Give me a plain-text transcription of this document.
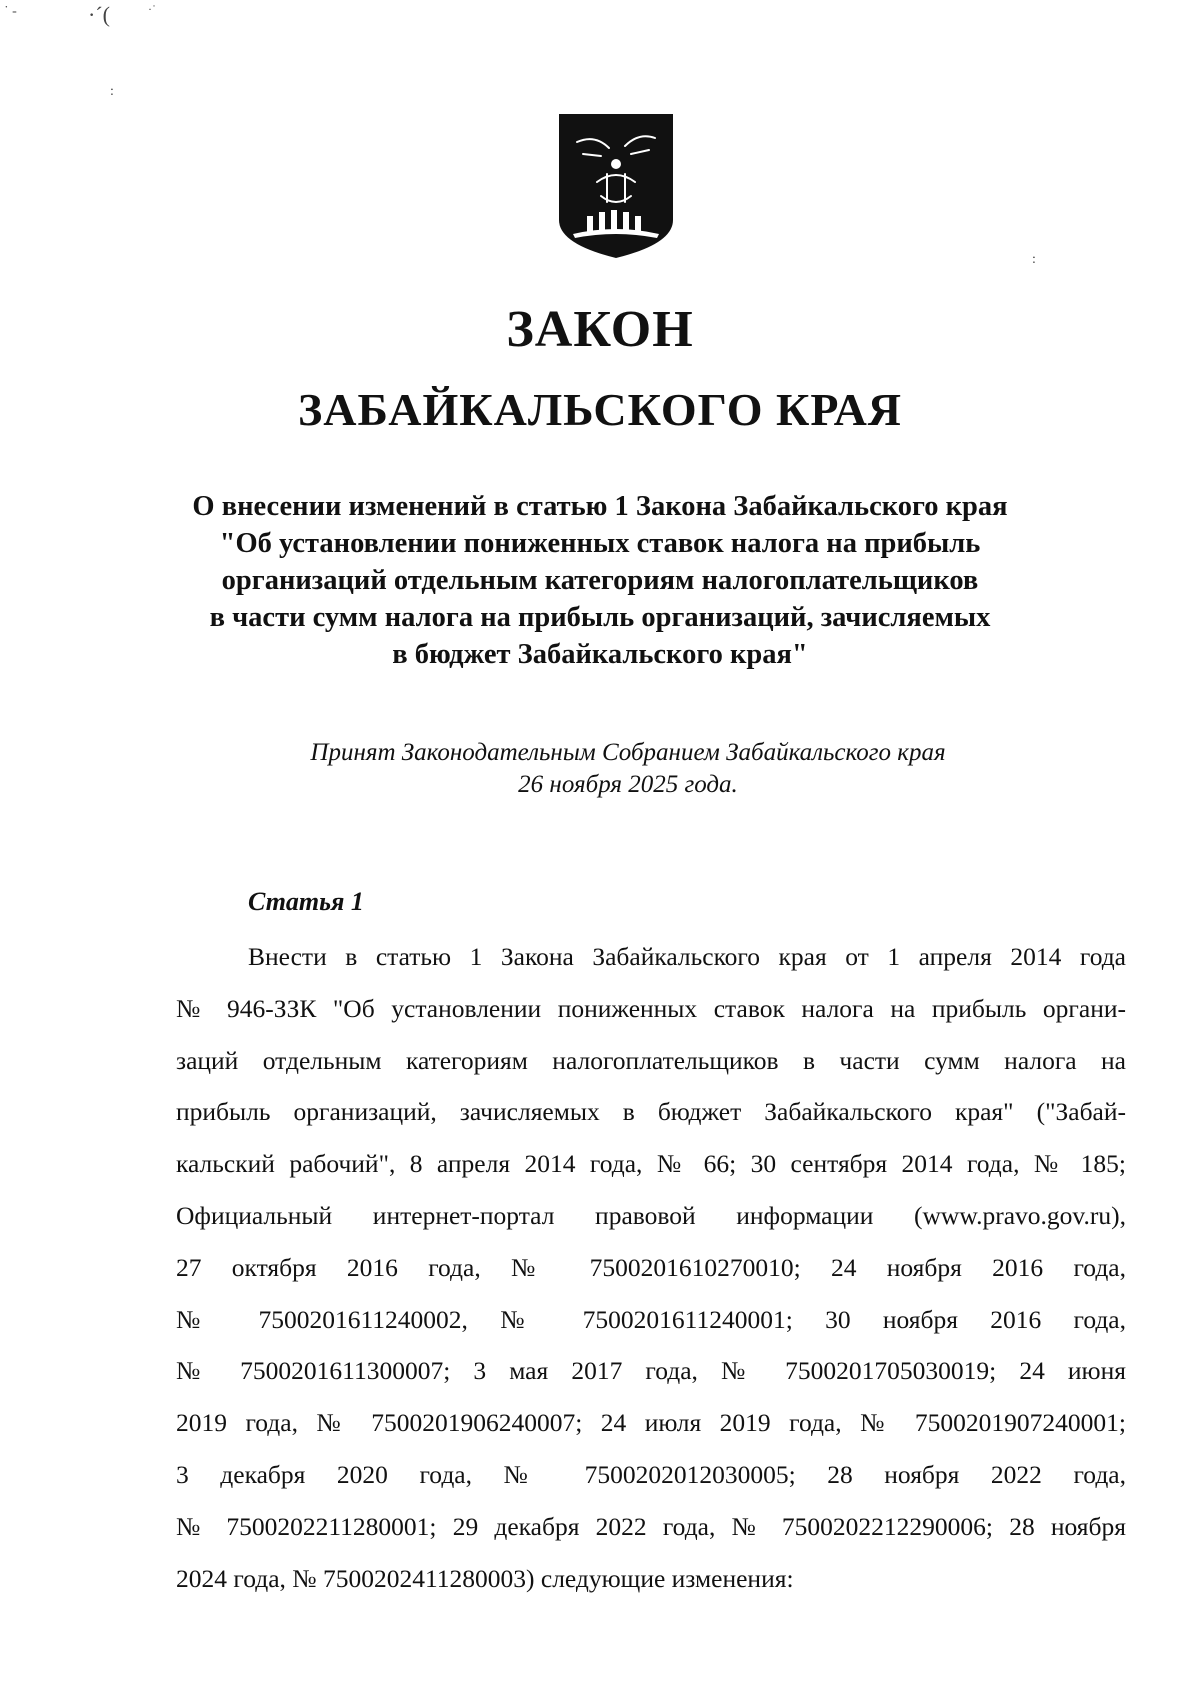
˙ -	·´(	·˙
:
:
ЗАКОН
ЗАБАЙКАЛЬСКОГО КРАЯ
О внесении изменений в статью 1 Закона Забайкальского края
"Об установлении пониженных ставок налога на прибыль
организаций отдельным категориям налогоплательщиков
в части сумм налога на прибыль организаций, зачисляемых
в бюджет Забайкальского края"
Принят Законодательным Собранием Забайкальского края
26 ноября 2025 года.
Статья 1
Внести в статью 1 Закона Забайкальского края от 1 апреля 2014 года
№ 946-ЗЗК "Об установлении пониженных ставок налога на прибыль органи-
заций отдельным категориям налогоплательщиков в части сумм налога на
прибыль организаций, зачисляемых в бюджет Забайкальского края" ("Забай-
кальский рабочий", 8 апреля 2014 года, № 66; 30 сентября 2014 года, № 185;
Официальный интернет-портал правовой информации (www.pravo.gov.ru),
27 октября 2016 года, № 7500201610270010; 24 ноября 2016 года,
№ 7500201611240002, № 7500201611240001; 30 ноября 2016 года,
№ 7500201611300007; 3 мая 2017 года, № 7500201705030019; 24 июня
2019 года, № 7500201906240007; 24 июля 2019 года, № 7500201907240001;
3 декабря 2020 года, № 7500202012030005; 28 ноября 2022 года,
№ 7500202211280001; 29 декабря 2022 года, № 7500202212290006; 28 ноября
2024 года, № 7500202411280003) следующие изменения:
